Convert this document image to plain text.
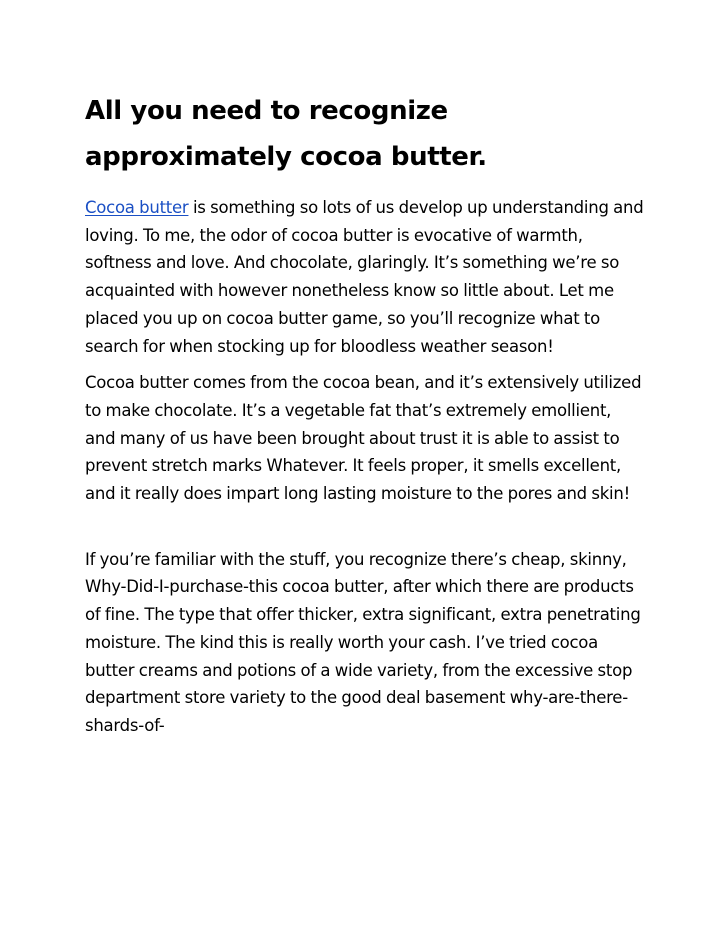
All you need to recognize approximately cocoa butter.

Cocoa butter is something so lots of us develop up understanding and loving. To me, the odor of cocoa butter is evocative of warmth, softness and love. And chocolate, glaringly. It’s something we’re so acquainted with however nonetheless know so little about. Let me placed you up on cocoa butter game, so you’ll recognize what to search for when stocking up for bloodless weather season!

Cocoa butter comes from the cocoa bean, and it’s extensively utilized to make chocolate. It’s a vegetable fat that’s extremely emollient, and many of us have been brought about trust it is able to assist to prevent stretch marks Whatever. It feels proper, it smells excellent, and it really does impart long lasting moisture to the pores and skin!

If you’re familiar with the stuff, you recognize there’s cheap, skinny, Why-Did-I-purchase-this cocoa butter, after which there are products of fine. The type that offer thicker, extra significant, extra penetrating moisture. The kind this is really worth your cash. I’ve tried cocoa butter creams and potions of a wide variety, from the excessive stop department store variety to the good deal basement why-are-there-shards-of-
